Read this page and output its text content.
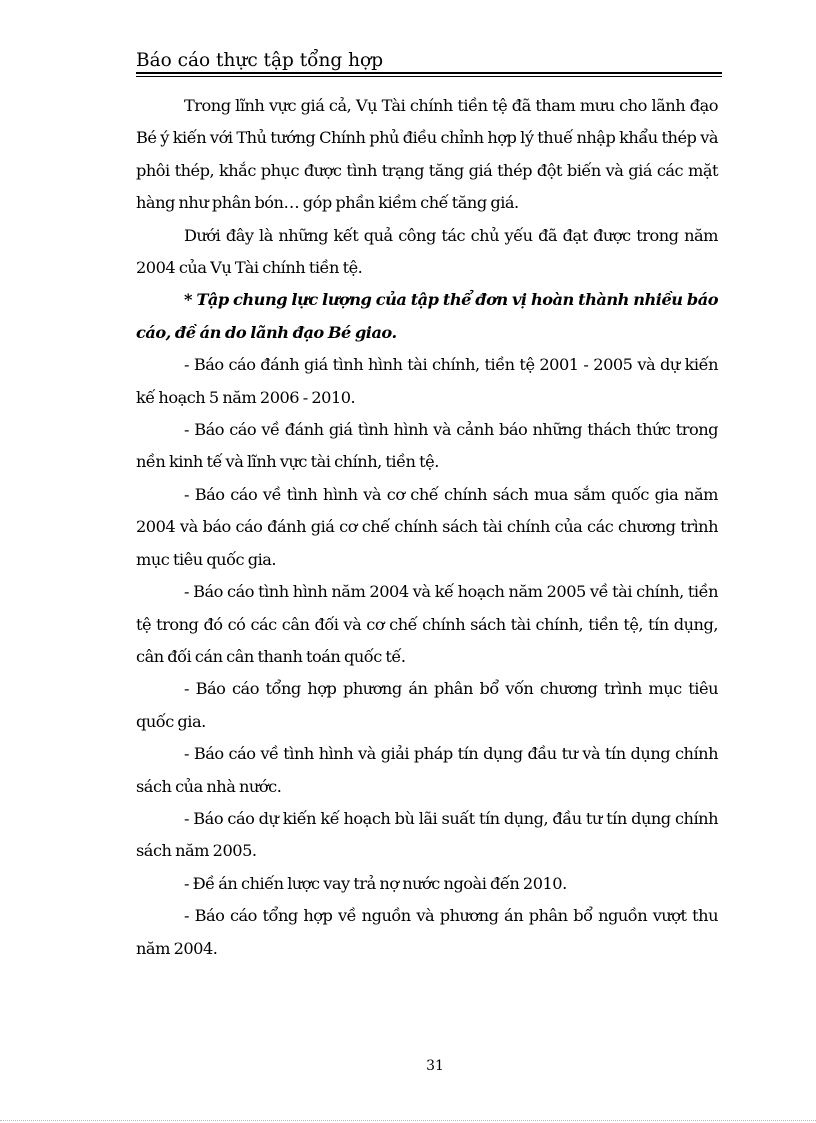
Báo cáo thực tập tổng hợp

Trong lĩnh vực giá cả, Vụ Tài chính tiền tệ đã tham mưu cho lãnh đạo Bé ý kiến với Thủ tướng Chính phủ điều chỉnh hợp lý thuế nhập khẩu thép và phôi thép, khắc phục được tình trạng tăng giá thép đột biến và giá các mặt hàng như phân bón… góp phần kiềm chế tăng giá.

Dưới đây là những kết quả công tác chủ yếu đã đạt được trong năm 2004 của Vụ Tài chính tiền tệ.

* Tập chung lực lượng của tập thể đơn vị hoàn thành nhiều báo cáo, đề án do lãnh đạo Bé giao.

- Báo cáo đánh giá tình hình tài chính, tiền tệ 2001 - 2005 và dự kiến kế hoạch 5 năm 2006 - 2010.

- Báo cáo về đánh giá tình hình và cảnh báo những thách thức trong nền kinh tế và lĩnh vực tài chính, tiền tệ.

- Báo cáo về tình hình và cơ chế chính sách mua sắm quốc gia năm 2004 và báo cáo đánh giá cơ chế chính sách tài chính của các chương trình mục tiêu quốc gia.

- Báo cáo tình hình năm 2004 và kế hoạch năm 2005 về tài chính, tiền tệ trong đó có các cân đối và cơ chế chính sách tài chính, tiền tệ, tín dụng, cân đối cán cân thanh toán quốc tế.

- Báo cáo tổng hợp phương án phân bổ vốn chương trình mục tiêu quốc gia.

- Báo cáo về tình hình và giải pháp tín dụng đầu tư và tín dụng chính sách của nhà nước.

- Báo cáo dự kiến kế hoạch bù lãi suất tín dụng, đầu tư tín dụng chính sách năm 2005.

- Đề án chiến lược vay trả nợ nước ngoài đến 2010.

- Báo cáo tổng hợp về nguồn và phương án phân bổ nguồn vượt thu năm 2004.

31
